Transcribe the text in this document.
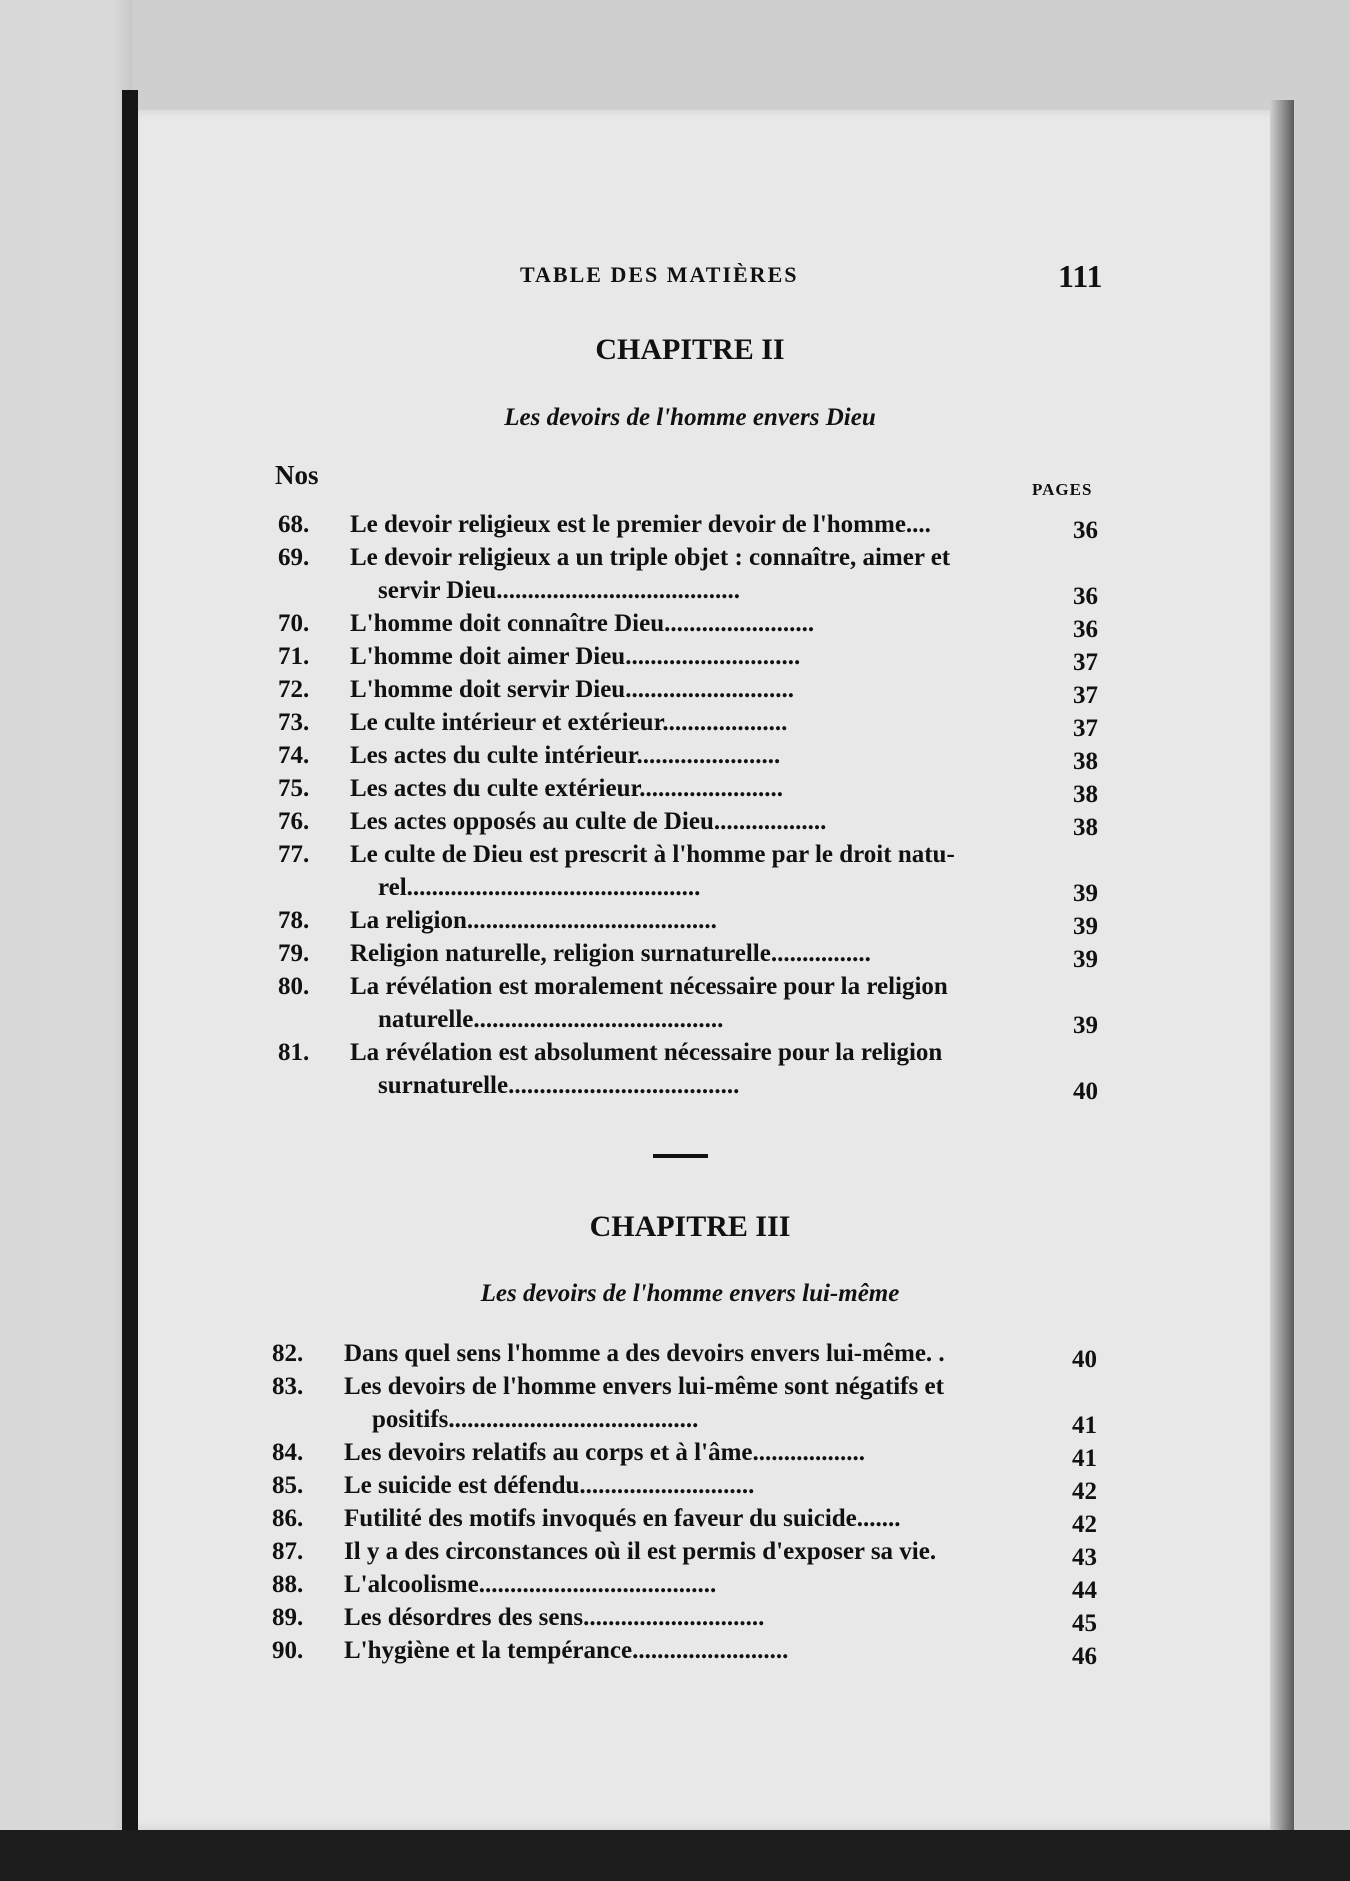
TABLE DES MATIÈRES	111
CHAPITRE II
Les devoirs de l'homme envers Dieu
Nos	PAGES
68. Le devoir religieux est le premier devoir de l'homme....	36
69. Le devoir religieux a un triple objet : connaître, aimer et
servir Dieu.......................................	36
70. L'homme doit connaître Dieu........................	36
71. L'homme doit aimer Dieu............................	37
72. L'homme doit servir Dieu...........................	37
73. Le culte intérieur et extérieur....................	37
74. Les actes du culte intérieur.......................	38
75. Les actes du culte extérieur.......................	38
76. Les actes opposés au culte de Dieu..................	38
77. Le culte de Dieu est prescrit à l'homme par le droit natu-
rel...............................................	39
78. La religion........................................	39
79. Religion naturelle, religion surnaturelle................	39
80. La révélation est moralement nécessaire pour la religion
naturelle........................................	39
81. La révélation est absolument nécessaire pour la religion
surnaturelle.....................................	40
CHAPITRE III
Les devoirs de l'homme envers lui-même
82. Dans quel sens l'homme a des devoirs envers lui-même. .	40
83. Les devoirs de l'homme envers lui-même sont négatifs et
positifs........................................	41
84. Les devoirs relatifs au corps et à l'âme..................	41
85. Le suicide est défendu............................	42
86. Futilité des motifs invoqués en faveur du suicide.......	42
87. Il y a des circonstances où il est permis d'exposer sa vie.	43
88. L'alcoolisme......................................	44
89. Les désordres des sens.............................	45
90. L'hygiène et la tempérance.........................	46
